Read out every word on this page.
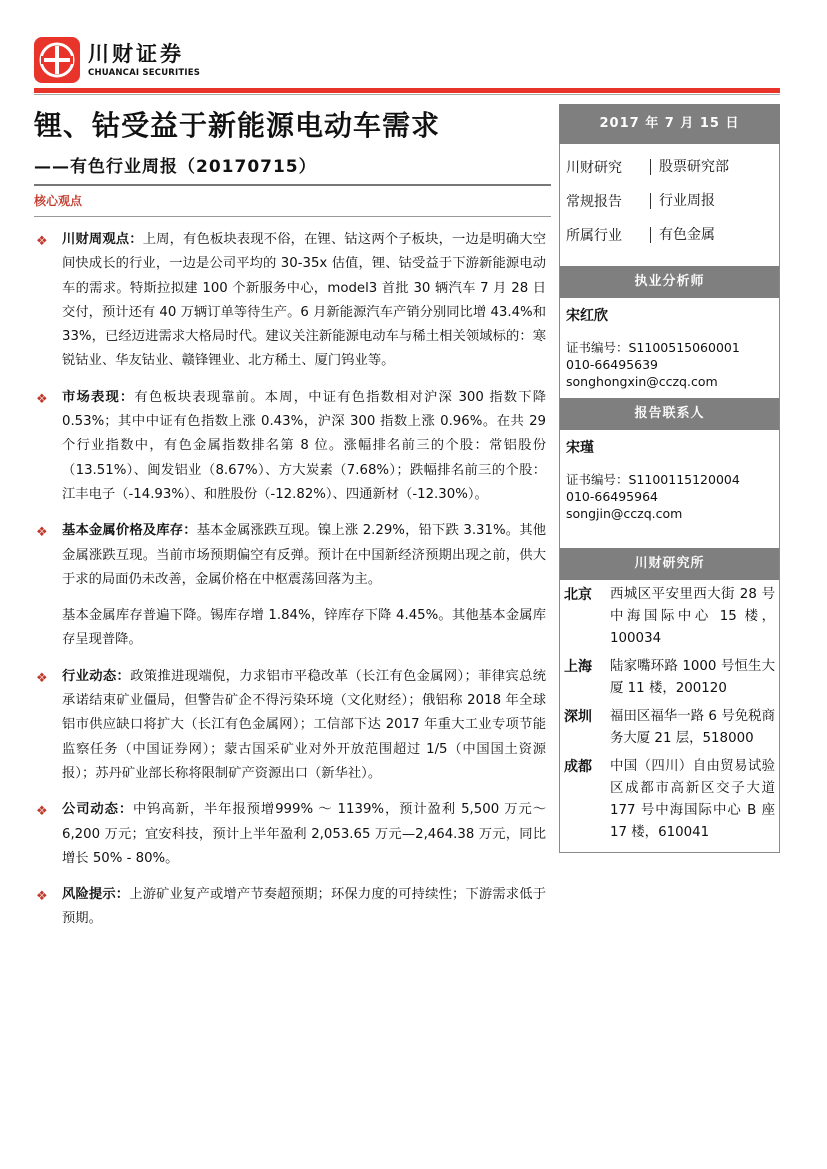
川财证券
CHUANCAI SECURITIES
锂、钴受益于新能源电动车需求
——有色行业周报（20170715）
核心观点
❖ 川财周观点：上周，有色板块表现不俗，在锂、钴这两个子板块，一边是明确大空间快成长的行业，一边是公司平均的 30-35x 估值，锂、钴受益于下游新能源电动车的需求。特斯拉拟建 100 个新服务中心，model3 首批 30 辆汽车 7 月 28 日交付，预计还有 40 万辆订单等待生产。6 月新能源汽车产销分别同比增 43.4%和 33%，已经迈进需求大格局时代。建议关注新能源电动车与稀土相关领域标的：寒锐钴业、华友钴业、赣锋锂业、北方稀土、厦门钨业等。
❖ 市场表现：有色板块表现靠前。本周，中证有色指数相对沪深 300 指数下降 0.53%；其中中证有色指数上涨 0.43%，沪深 300 指数上涨 0.96%。在共 29 个行业指数中，有色金属指数排名第 8 位。涨幅排名前三的个股：常铝股份（13.51%）、闽发铝业（8.67%）、方大炭素（7.68%）；跌幅排名前三的个股：江丰电子（-14.93%）、和胜股份（-12.82%）、四通新材（-12.30%）。
❖ 基本金属价格及库存：基本金属涨跌互现。镍上涨 2.29%，铅下跌 3.31%。其他金属涨跌互现。当前市场预期偏空有反弹。预计在中国新经济预期出现之前，供大于求的局面仍未改善，金属价格在中枢震荡回落为主。
基本金属库存普遍下降。锡库存增 1.84%，锌库存下降 4.45%。其他基本金属库存呈现普降。
❖ 行业动态：政策推进现端倪，力求铝市平稳改革（长江有色金属网）；菲律宾总统承诺结束矿业僵局，但警告矿企不得污染环境（文化财经）；俄铝称 2018 年全球铝市供应缺口将扩大（长江有色金属网）；工信部下达 2017 年重大工业专项节能监察任务（中国证券网）；蒙古国采矿业对外开放范围超过 1/5（中国国土资源报）；苏丹矿业部长称将限制矿产资源出口（新华社）。
❖ 公司动态：中钨高新，半年报预增999% ～ 1139%，预计盈利 5,500 万元～6,200 万元；宜安科技，预计上半年盈利 2,053.65 万元—2,464.38 万元，同比增长 50% - 80%。
❖ 风险提示：上游矿业复产或增产节奏超预期；环保力度的可持续性；下游需求低于预期。
2017 年 7 月 15 日
川财研究	股票研究部
常规报告	行业周报
所属行业	有色金属
执业分析师
宋红欣
证书编号：S1100515060001
010-66495639
songhongxin@cczq.com
报告联系人
宋瑾
证书编号：S1100115120004
010-66495964
songjin@cczq.com
川财研究所
北京	西城区平安里西大街 28 号中海国际中心 15 楼，100034
上海	陆家嘴环路 1000 号恒生大厦 11 楼，200120
深圳	福田区福华一路 6 号免税商务大厦 21 层，518000
成都	中国（四川）自由贸易试验区成都市高新区交子大道 177 号中海国际中心 B 座 17 楼，610041
